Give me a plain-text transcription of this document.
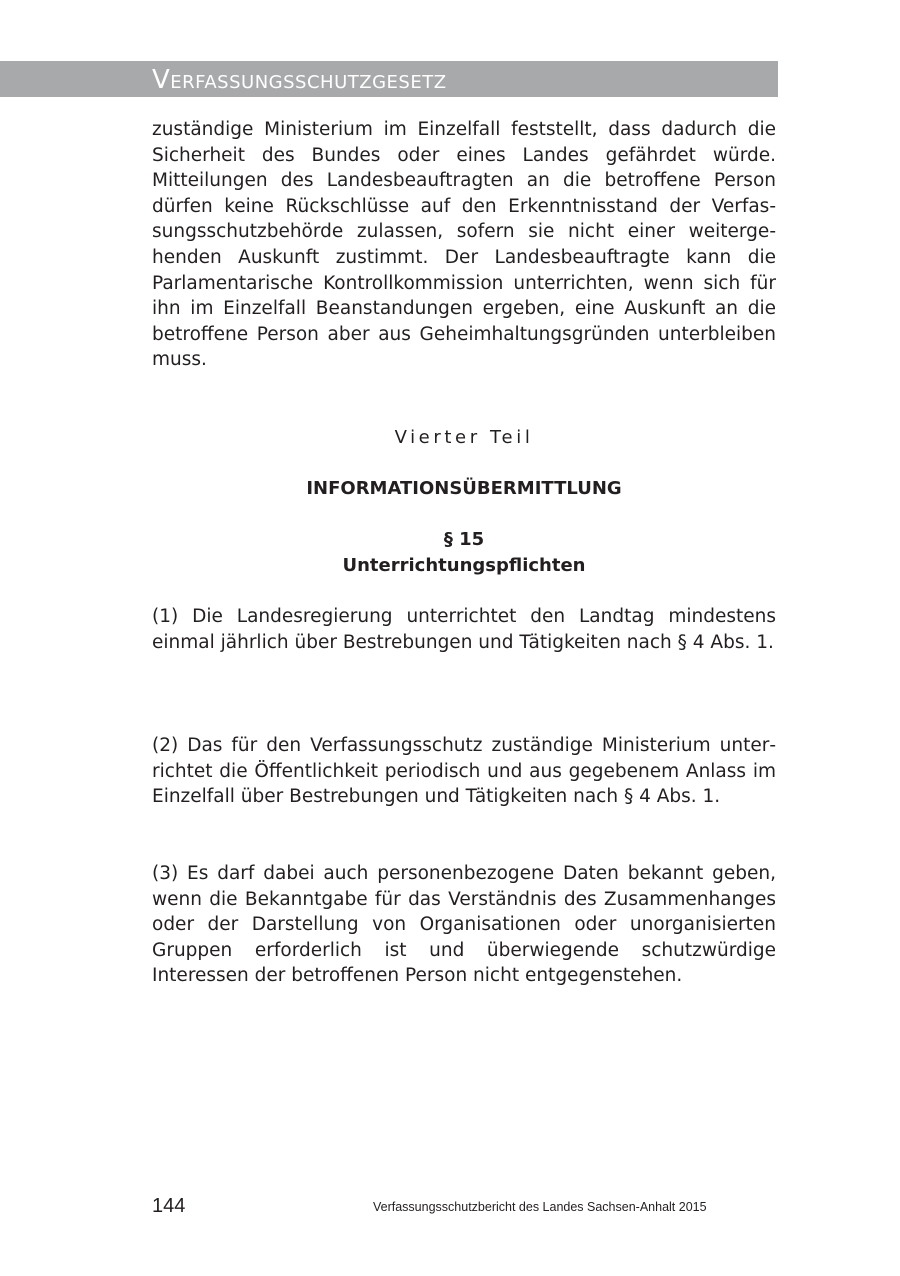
Verfassungsschutzgesetz

zuständige Ministerium im Einzelfall feststellt, dass dadurch die Sicherheit des Bundes oder eines Landes gefährdet würde. Mitteilungen des Landesbeauftragten an die betroffene Person dürfen keine Rückschlüsse auf den Erkenntnisstand der Verfassungsschutzbehörde zulassen, sofern sie nicht einer weitergehenden Auskunft zustimmt. Der Landesbeauftragte kann die Parlamentarische Kontrollkommission unterrichten, wenn sich für ihn im Einzelfall Beanstandungen ergeben, eine Auskunft an die betroffene Person aber aus Geheimhaltungsgründen unterbleiben muss.

Vierter Teil

INFORMATIONSÜBERMITTLUNG

§ 15

Unterrichtungspflichten

(1) Die Landesregierung unterrichtet den Landtag mindestens einmal jährlich über Bestrebungen und Tätigkeiten nach § 4 Abs. 1.

(2) Das für den Verfassungsschutz zuständige Ministerium unterrichtet die Öffentlichkeit periodisch und aus gegebenem Anlass im Einzelfall über Bestrebungen und Tätigkeiten nach § 4 Abs. 1.

(3) Es darf dabei auch personenbezogene Daten bekannt geben, wenn die Bekanntgabe für das Verständnis des Zusammenhanges oder der Darstellung von Organisationen oder unorganisierten Gruppen erforderlich ist und überwiegende schutzwürdige Interessen der betroffenen Person nicht entgegenstehen.

144	Verfassungsschutzbericht des Landes Sachsen-Anhalt 2015
